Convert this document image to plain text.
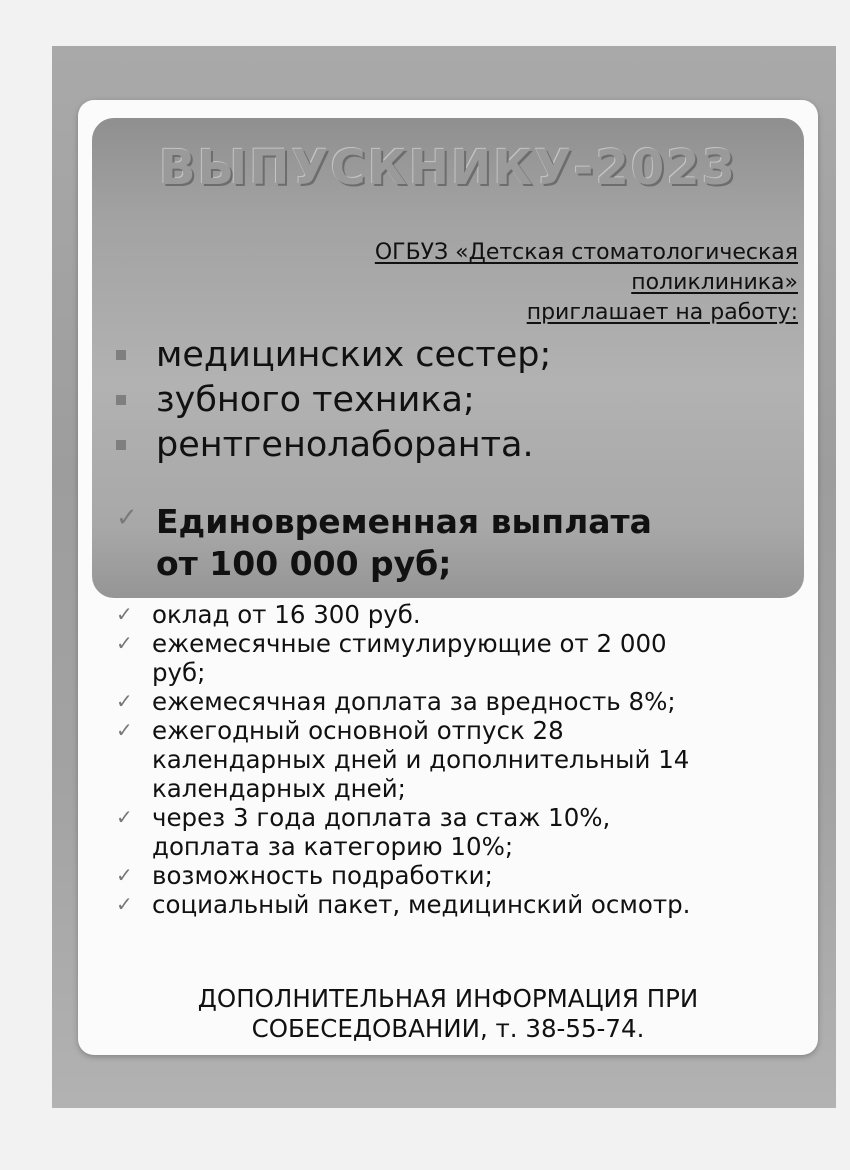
ВЫПУСКНИКУ-2023
ОГБУЗ «Детская стоматологическая
поликлиника»
приглашает на работу:
медицинских сестер;
зубного техника;
рентгенолаборанта.
✓ Единовременная выплата
от 100 000 руб;
✓ оклад от 16 300 руб.
✓ ежемесячные стимулирующие от 2 000
руб;
✓ ежемесячная доплата за вредность 8%;
✓ ежегодный основной отпуск 28
календарных дней и дополнительный 14
календарных дней;
✓ через 3 года доплата за стаж 10%,
доплата за категорию 10%;
✓ возможность подработки;
✓ социальный пакет, медицинский осмотр.
ДОПОЛНИТЕЛЬНАЯ ИНФОРМАЦИЯ ПРИ
СОБЕСЕДОВАНИИ, т. 38-55-74.
